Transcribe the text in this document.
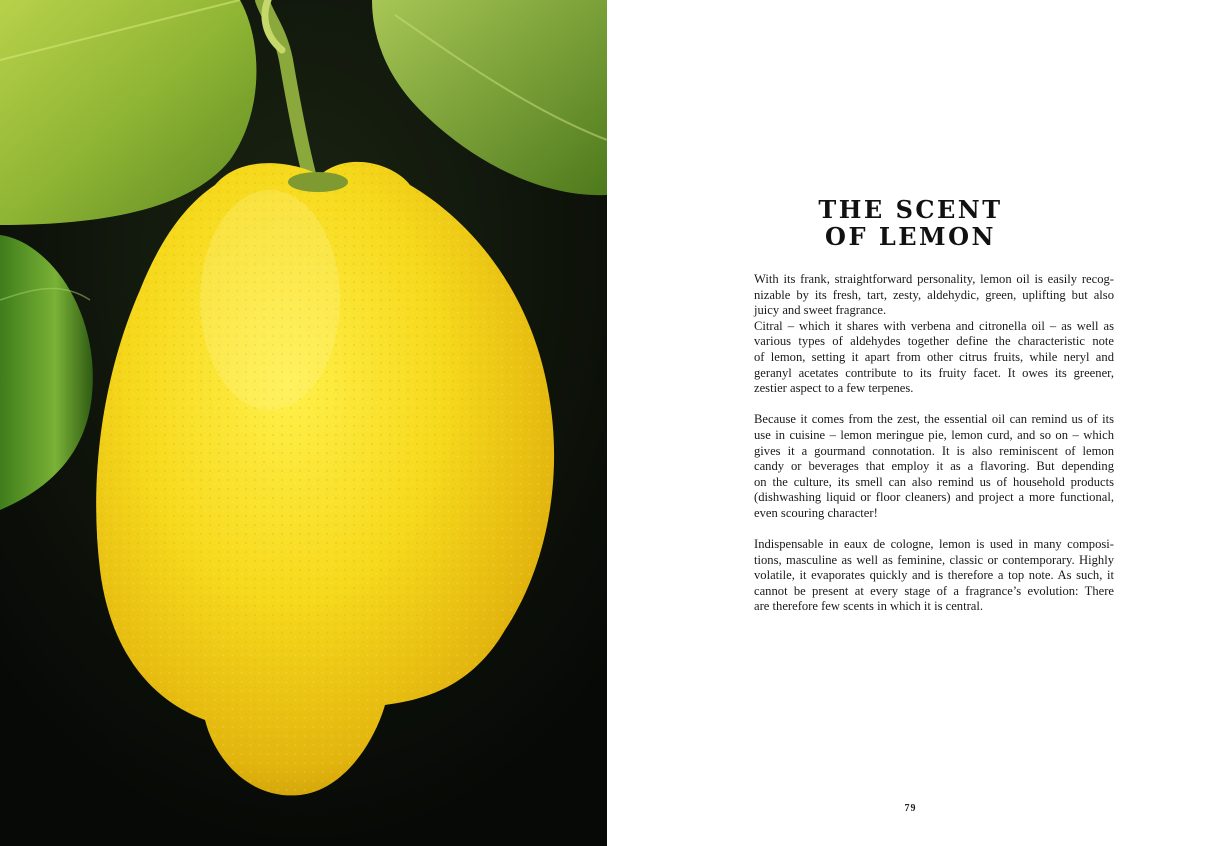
THE SCENT
OF LEMON
With its frank, straightforward personality, lemon oil is easily recog-
nizable by its fresh, tart, zesty, aldehydic, green, uplifting but also
juicy and sweet fragrance.
Citral – which it shares with verbena and citronella oil – as well as
various types of aldehydes together define the characteristic note
of lemon, setting it apart from other citrus fruits, while neryl and
geranyl acetates contribute to its fruity facet. It owes its greener,
zestier aspect to a few terpenes.
Because it comes from the zest, the essential oil can remind us of its
use in cuisine – lemon meringue pie, lemon curd, and so on – which
gives it a gourmand connotation. It is also reminiscent of lemon
candy or beverages that employ it as a flavoring. But depending
on the culture, its smell can also remind us of household products
(dishwashing liquid or floor cleaners) and project a more functional,
even scouring character!
Indispensable in eaux de cologne, lemon is used in many composi-
tions, masculine as well as feminine, classic or contemporary. Highly
volatile, it evaporates quickly and is therefore a top note. As such, it
cannot be present at every stage of a fragrance’s evolution: There
are therefore few scents in which it is central.
79
